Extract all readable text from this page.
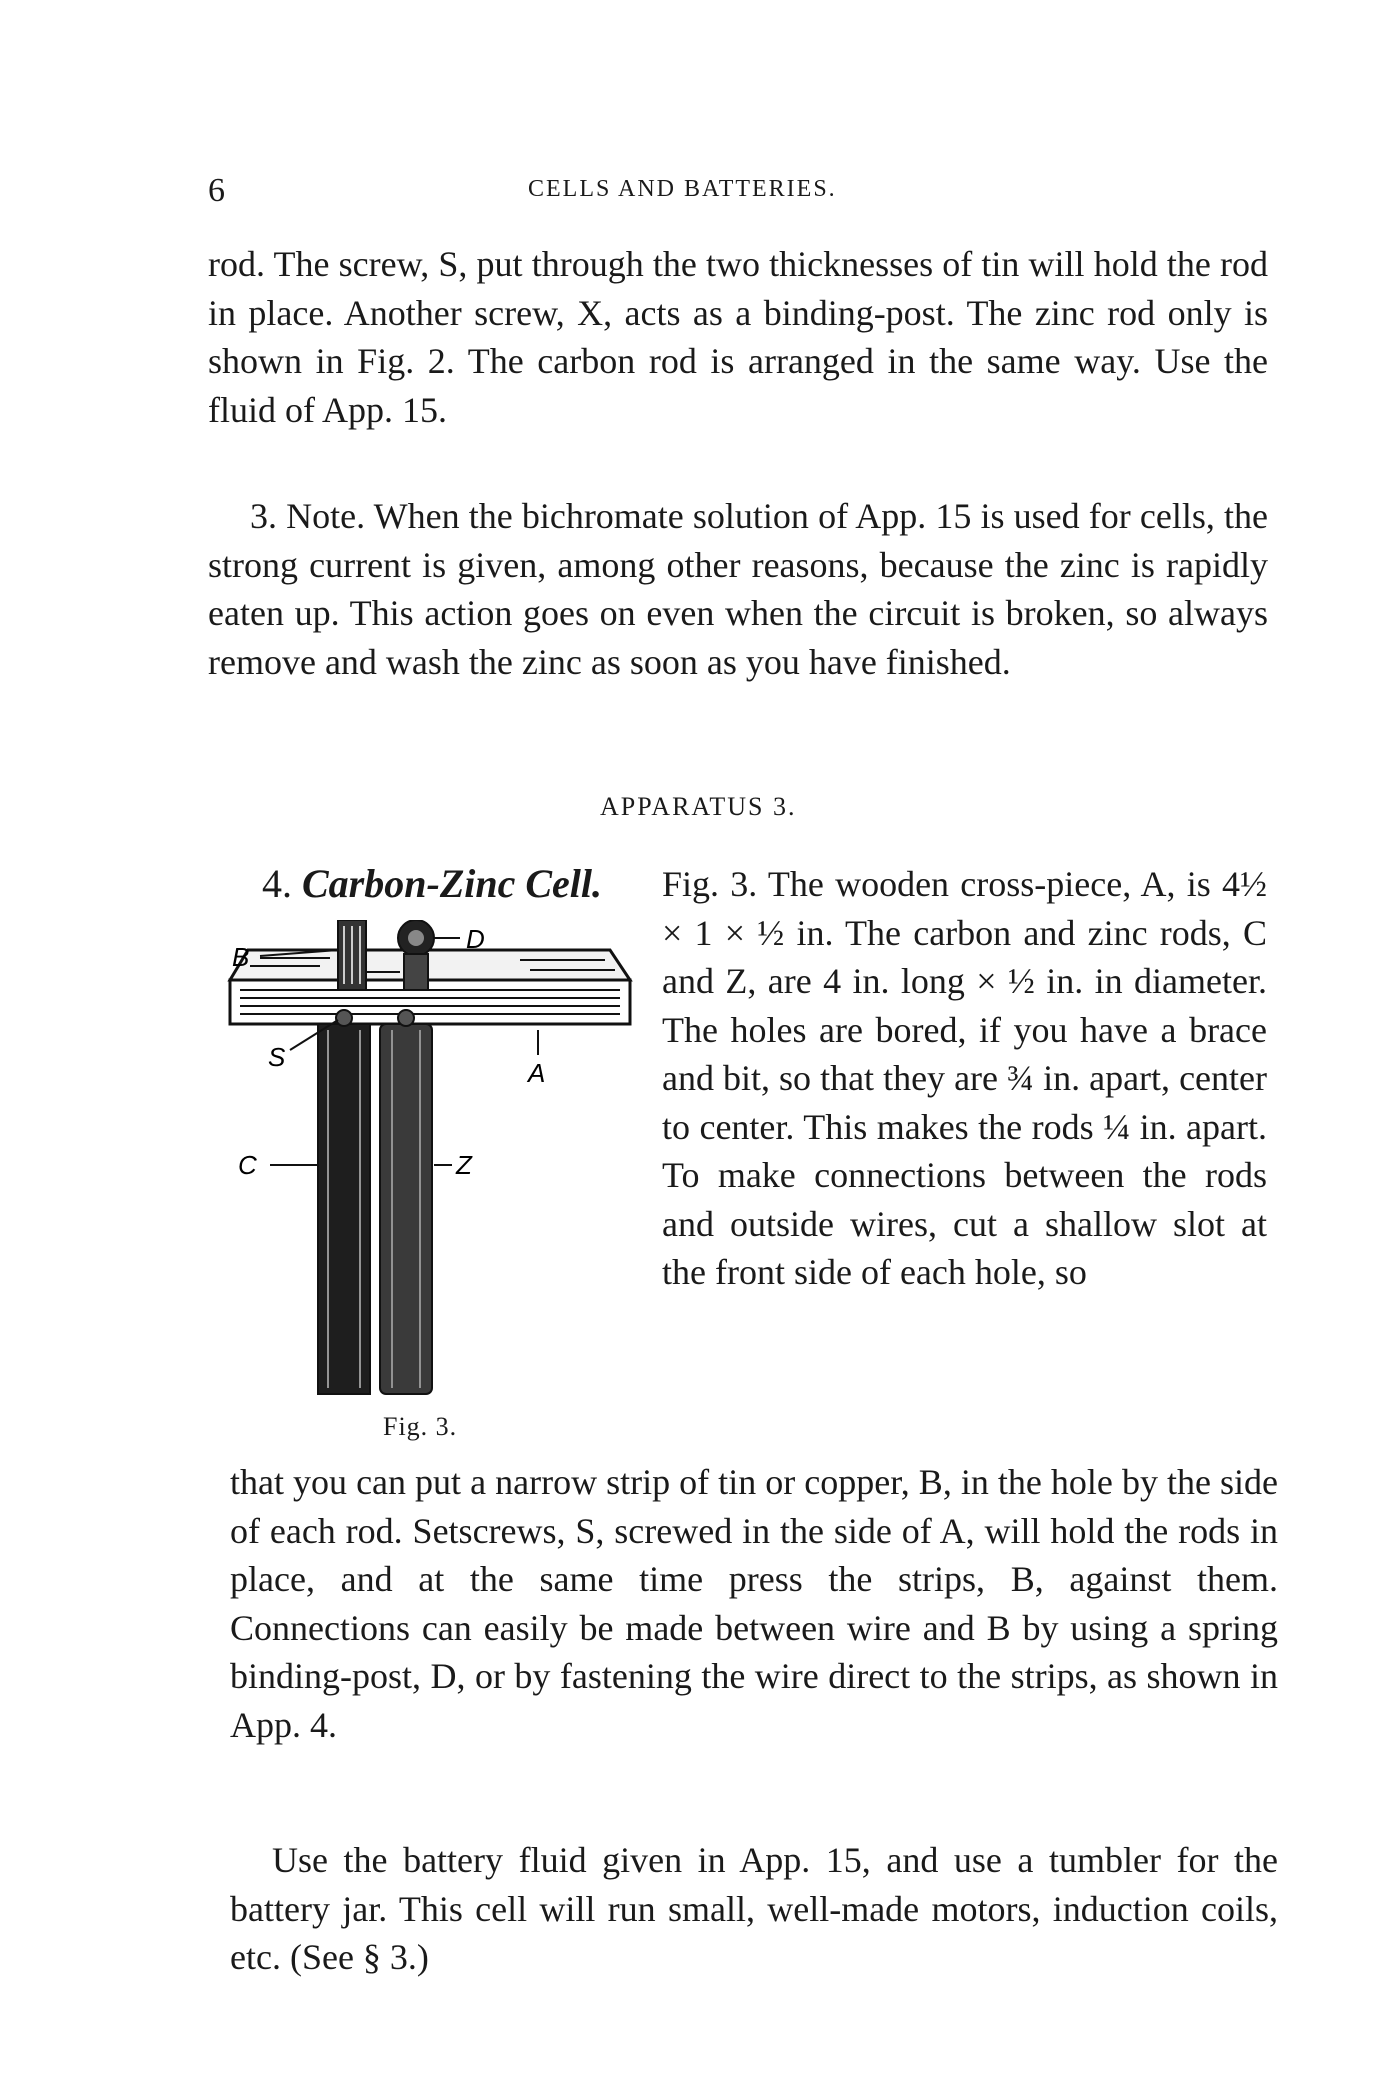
6	CELLS AND BATTERIES.

rod. The screw, S, put through the two thicknesses of tin will hold the rod in place. Another screw, X, acts as a binding-post. The zinc rod only is shown in Fig. 2. The carbon rod is arranged in the same way. Use the fluid of App. 15.

3. Note. When the bichromate solution of App. 15 is used for cells, the strong current is given, among other reasons, because the zinc is rapidly eaten up. This action goes on even when the circuit is broken, so always remove and wash the zinc as soon as you have finished.

APPARATUS 3.
4. Carbon-Zinc Cell.
B
D
S
A
C	Z
Fig. 3.

Fig. 3. The wooden cross-piece, A, is 4½ × 1 × ½ in. The carbon and zinc rods, C and Z, are 4 in. long × ½ in. in diameter. The holes are bored, if you have a brace and bit, so that they are ¾ in. apart, center to center. This makes the rods ¼ in. apart. To make connections between the rods and outside wires, cut a shallow slot at the front side of each hole, so

that you can put a narrow strip of tin or copper, B, in the hole by the side of each rod. Setscrews, S, screwed in the side of A, will hold the rods in place, and at the same time press the strips, B, against them. Connections can easily be made between wire and B by using a spring binding-post, D, or by fastening the wire direct to the strips, as shown in App. 4.

Use the battery fluid given in App. 15, and use a tumbler for the battery jar. This cell will run small, well-made motors, induction coils, etc. (See § 3.)
